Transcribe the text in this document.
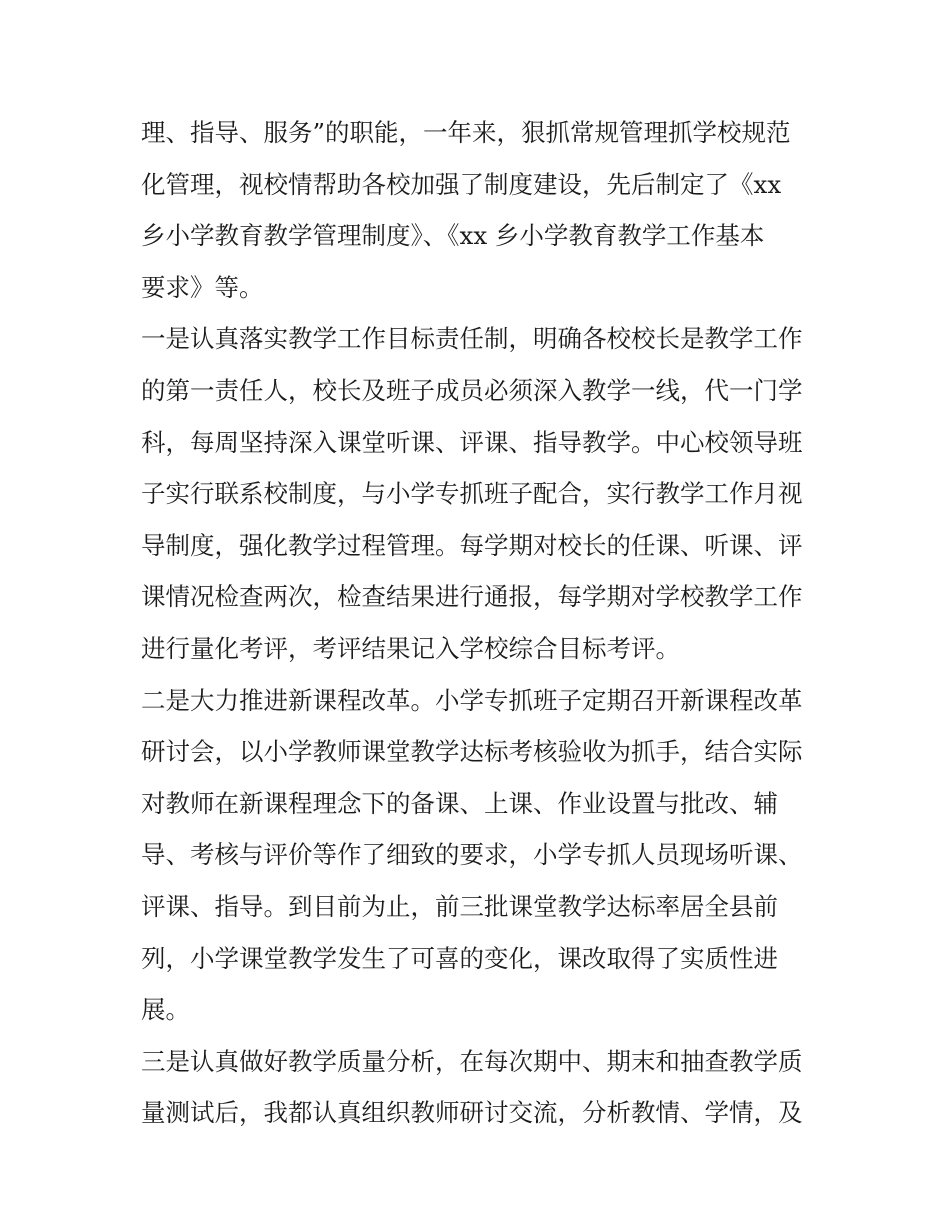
理、指导、服务”的职能，一年来，狠抓常规管理抓学校规范
化管理，视校情帮助各校加强了制度建设，先后制定了《xx
乡小学教育教学管理制度》、《xx 乡小学教育教学工作基本
要求》等。
一是认真落实教学工作目标责任制，明确各校校长是教学工作
的第一责任人，校长及班子成员必须深入教学一线，代一门学
科，每周坚持深入课堂听课、评课、指导教学。中心校领导班
子实行联系校制度，与小学专抓班子配合，实行教学工作月视
导制度，强化教学过程管理。每学期对校长的任课、听课、评
课情况检查两次，检查结果进行通报，每学期对学校教学工作
进行量化考评，考评结果记入学校综合目标考评。
二是大力推进新课程改革。小学专抓班子定期召开新课程改革
研讨会，以小学教师课堂教学达标考核验收为抓手，结合实际
对教师在新课程理念下的备课、上课、作业设置与批改、辅
导、考核与评价等作了细致的要求，小学专抓人员现场听课、
评课、指导。到目前为止，前三批课堂教学达标率居全县前
列，小学课堂教学发生了可喜的变化，课改取得了实质性进
展。
三是认真做好教学质量分析，在每次期中、期末和抽查教学质
量测试后，我都认真组织教师研讨交流，分析教情、学情，及
